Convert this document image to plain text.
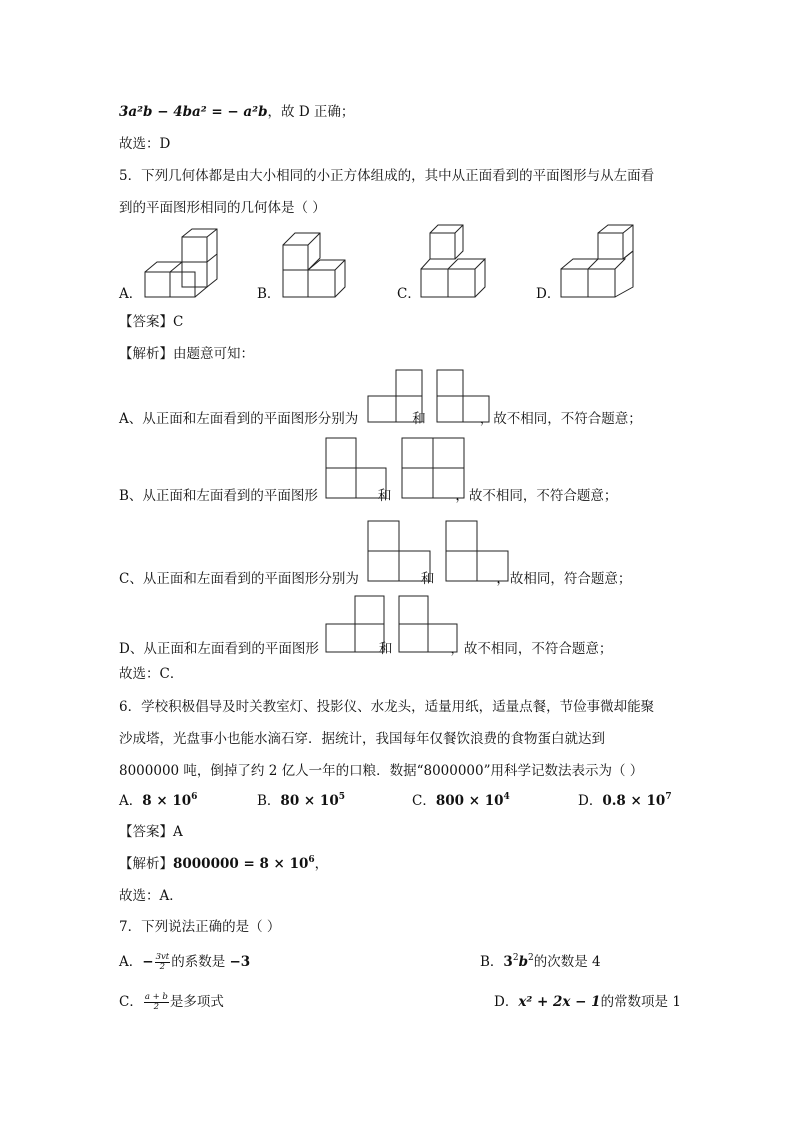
3a²b − 4ba² = − a²b，故 D 正确；
故选：D
5．下列几何体都是由大小相同的小正方体组成的，其中从正面看到的平面图形与从左面看
到的平面图形相同的几何体是（ ）
A．	B．	C．	D．
【答案】C
【解析】由题意可知：
A、从正面和左面看到的平面图形分别为	和	，故不相同，不符合题意；
B、从正面和左面看到的平面图形	和	，故不相同，不符合题意；
C、从正面和左面看到的平面图形分别为	和	，故相同，符合题意；
D、从正面和左面看到的平面图形	和	，故不相同，不符合题意；
故选：C．
6．学校积极倡导及时关教室灯、投影仪、水龙头，适量用纸，适量点餐，节俭事微却能聚
沙成塔，光盘事小也能水滴石穿．据统计，我国每年仅餐饮浪费的食物蛋白就达到
8000000 吨，倒掉了约 2 亿人一年的口粮．数据“8000000”用科学记数法表示为（ ）
A．$8 \times 10^6$	B．$80 \times 10^5$	C．$800 \times 10^4$	D．$0.8 \times 10^7$
【答案】A
【解析】$8000000 = 8 \times 10^6$，
故选：A．
7．下列说法正确的是（ ）
A．− $\frac{3vt}{2}$ 的系数是 −3	B．$3^2b^2$的次数是 4
C． $\frac{a + b}{2}$ 是多项式	D．x² + 2x − 1的常数项是 1
